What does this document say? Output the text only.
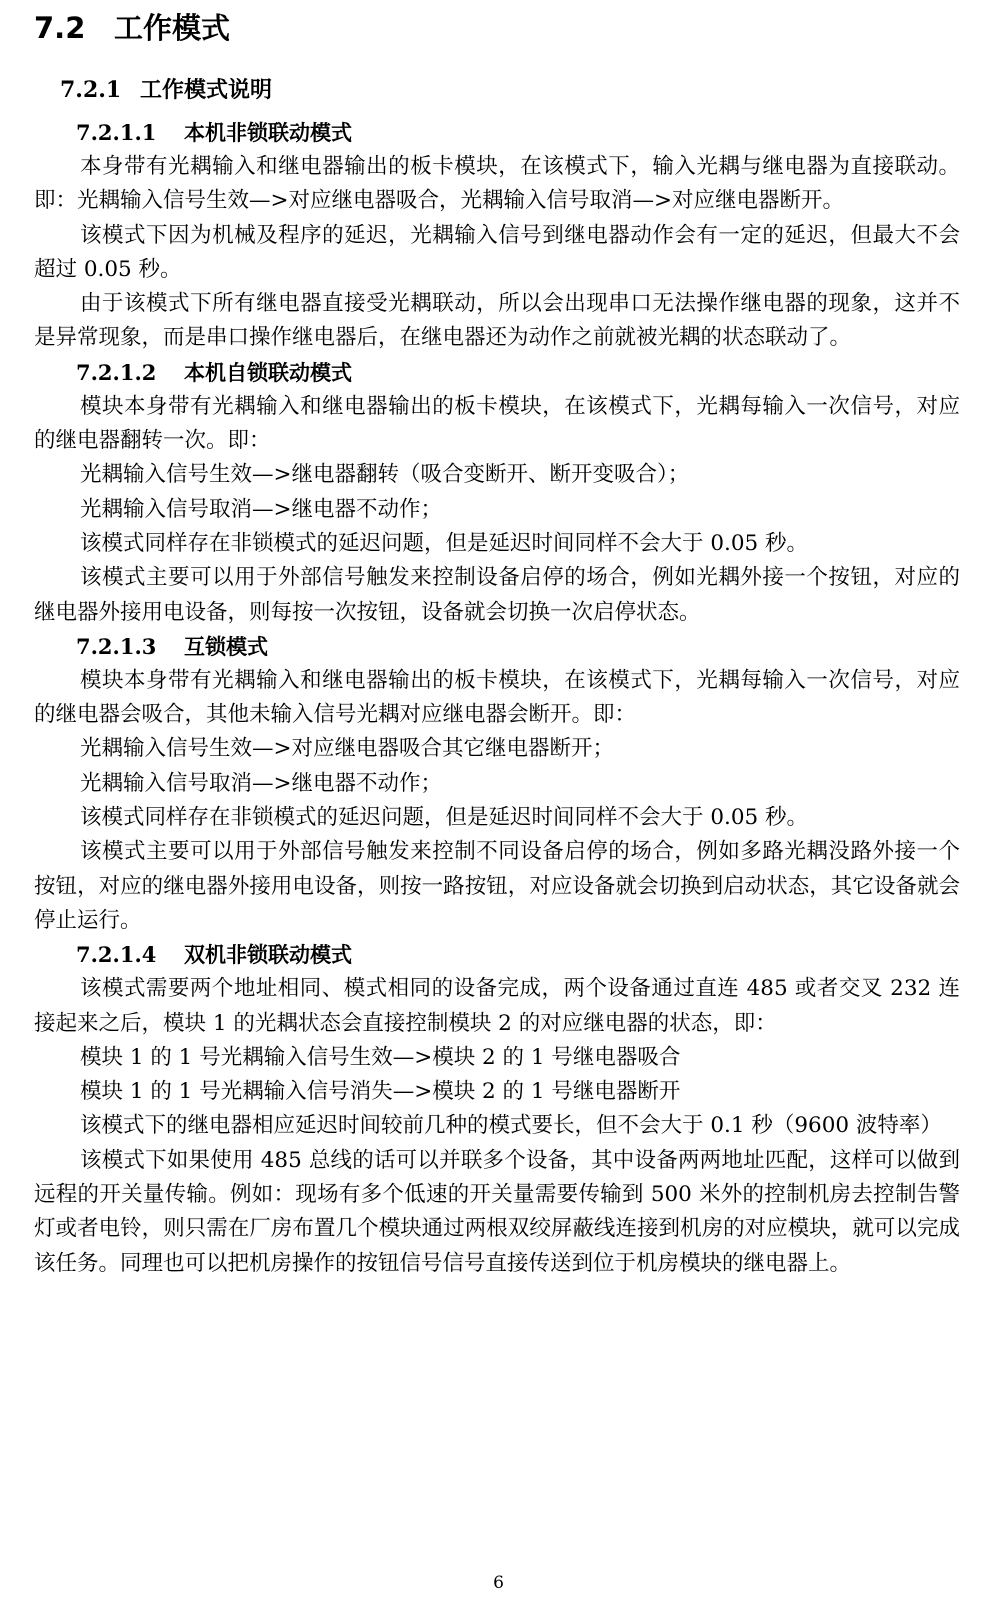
7.2 工作模式
7.2.1 工作模式说明
7.2.1.1 本机非锁联动模式

本身带有光耦输入和继电器输出的板卡模块，在该模式下，输入光耦与继电器为直接联动。即：光耦输入信号生效—>对应继电器吸合，光耦输入信号取消—>对应继电器断开。

该模式下因为机械及程序的延迟，光耦输入信号到继电器动作会有一定的延迟，但最大不会超过 0.05 秒。

由于该模式下所有继电器直接受光耦联动，所以会出现串口无法操作继电器的现象，这并不是异常现象，而是串口操作继电器后，在继电器还为动作之前就被光耦的状态联动了。

7.2.1.2 本机自锁联动模式

模块本身带有光耦输入和继电器输出的板卡模块，在该模式下，光耦每输入一次信号，对应的继电器翻转一次。即：

光耦输入信号生效—>继电器翻转（吸合变断开、断开变吸合）；

光耦输入信号取消—>继电器不动作；

该模式同样存在非锁模式的延迟问题，但是延迟时间同样不会大于 0.05 秒。

该模式主要可以用于外部信号触发来控制设备启停的场合，例如光耦外接一个按钮，对应的继电器外接用电设备，则每按一次按钮，设备就会切换一次启停状态。

7.2.1.3 互锁模式

模块本身带有光耦输入和继电器输出的板卡模块，在该模式下，光耦每输入一次信号，对应的继电器会吸合，其他未输入信号光耦对应继电器会断开。即：

光耦输入信号生效—>对应继电器吸合其它继电器断开；

光耦输入信号取消—>继电器不动作；

该模式同样存在非锁模式的延迟问题，但是延迟时间同样不会大于 0.05 秒。

该模式主要可以用于外部信号触发来控制不同设备启停的场合，例如多路光耦没路外接一个按钮，对应的继电器外接用电设备，则按一路按钮，对应设备就会切换到启动状态，其它设备就会停止运行。

7.2.1.4 双机非锁联动模式

该模式需要两个地址相同、模式相同的设备完成，两个设备通过直连 485 或者交叉 232 连接起来之后，模块 1 的光耦状态会直接控制模块 2 的对应继电器的状态，即：

模块 1 的 1 号光耦输入信号生效—>模块 2 的 1 号继电器吸合

模块 1 的 1 号光耦输入信号消失—>模块 2 的 1 号继电器断开

该模式下的继电器相应延迟时间较前几种的模式要长，但不会大于 0.1 秒（9600 波特率）

该模式下如果使用 485 总线的话可以并联多个设备，其中设备两两地址匹配，这样可以做到远程的开关量传输。例如：现场有多个低速的开关量需要传输到 500 米外的控制机房去控制告警灯或者电铃，则只需在厂房布置几个模块通过两根双绞屏蔽线连接到机房的对应模块，就可以完成该任务。同理也可以把机房操作的按钮信号信号直接传送到位于机房模块的继电器上。

6
